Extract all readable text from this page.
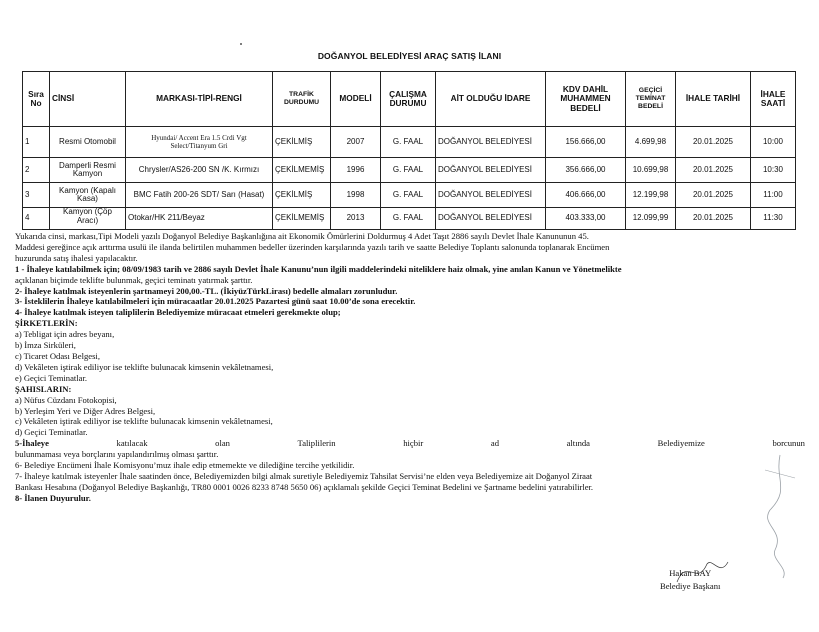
DOĞANYOL BELEDİYESİ ARAÇ SATIŞ İLANI
Sıra No	CİNSİ	MARKASI-TİPİ-RENGİ	TRAFİK DURDUMU	MODELİ	ÇALIŞMA DURUMU	AİT OLDUĞU İDARE	KDV DAHİL MUHAMMEN BEDELİ	GEÇİCİ TEMİNAT BEDELİ	İHALE TARİHİ	İHALE SAATİ
1	Resmi Otomobil	Hyundai/ Accent Era 1.5 Crdi Vgt Select/Titanyum Gri	ÇEKİLMİŞ	2007	G. FAAL	DOĞANYOL BELEDİYESİ	156.666,00	4.699,98	20.01.2025	10:00
2	Damperli Resmi Kamyon	Chrysler/AS26-200 SN /K. Kırmızı	ÇEKİLMEMİŞ	1996	G. FAAL	DOĞANYOL BELEDİYESİ	356.666,00	10.699,98	20.01.2025	10:30
3	Kamyon (Kapalı Kasa)	BMC Fatih 200-26 SDT/ Sarı (Hasat)	ÇEKİLMİŞ	1998	G. FAAL	DOĞANYOL BELEDİYESİ	406.666,00	12.199,98	20.01.2025	11:00
4	Kamyon (Çöp Aracı)	Otokar/HK 211/Beyaz	ÇEKİLMEMİŞ	2013	G. FAAL	DOĞANYOL BELEDİYESİ	403.333,00	12.099,99	20.01.2025	11:30

Yukarıda cinsi, markası,Tipi Modeli yazılı Doğanyol Belediye Başkanlığına ait Ekonomik Ömürlerini Doldurmuş 4 Adet Taşıt 2886 sayılı Devlet İhale Kanununun 45.

Maddesi gereğince açık arttırma usulü ile ilanda belirtilen muhammen bedeller üzerinden karşılarında yazılı tarih ve saatte Belediye Toplantı salonunda toplanarak Encümen

huzurunda satış ihalesi yapılacaktır.

1 - İhaleye katılabilmek için; 08/09/1983 tarih ve 2886 sayılı Devlet İhale Kanunu’nun ilgili maddelerindeki niteliklere haiz olmak, yine anılan Kanun ve Yönetmelikte

açıklanan biçimde teklifte bulunmak, geçici teminatı yatırmak şarttır.

2- İhaleye katılmak isteyenlerin şartnameyi 200,00.-TL. (İkiyüzTürkLirası) bedelle almaları zorunludur.

3- İsteklilerin İhaleye katılabilmeleri için müracaatlar 20.01.2025 Pazartesi günü saat 10.00’de sona erecektir.

4- İhaleye katılmak isteyen taliplilerin Belediyemize müracaat etmeleri gerekmekte olup;

ŞİRKETLERİN:

a) Tebligat için adres beyanı,

b) İmza Sirküleri,

c) Ticaret Odası Belgesi,

d) Vekâleten iştirak ediliyor ise teklifte bulunacak kimsenin vekâletnamesi,

e) Geçici Teminatlar.

ŞAHISLARIN:

a) Nüfus Cüzdanı Fotokopisi,

b) Yerleşim Yeri ve Diğer Adres Belgesi,

c) Vekâleten iştirak ediliyor ise teklifte bulunacak kimsenin vekâletnamesi,

d) Geçici Teminatlar.

5-İhaleye	katılacak	olan	Taliplilerin	hiçbir	ad	altında	Belediyemize	borcunun

bulunmaması veya borçlarını yapılandırılmış olması şarttır.

6- Belediye Encümeni İhale Komisyonu’muz ihale edip etmemekte ve dilediğine tercihe yetkilidir.

7- İhaleye katılmak isteyenler İhale saatinden önce, Belediyemizden bilgi almak suretiyle Belediyemiz Tahsilat Servisi’ne elden veya Belediyemize ait Doğanyol Ziraat

Bankası Hesabına (Doğanyol Belediye Başkanlığı, TR80 0001 0026 8233 8748 5650 06) açıklamalı şekilde Geçici Teminat Bedelini ve Şartname bedelini yatırabilirler.

8- İlanen Duyurulur.

Hakan BAY
Belediye Başkanı
